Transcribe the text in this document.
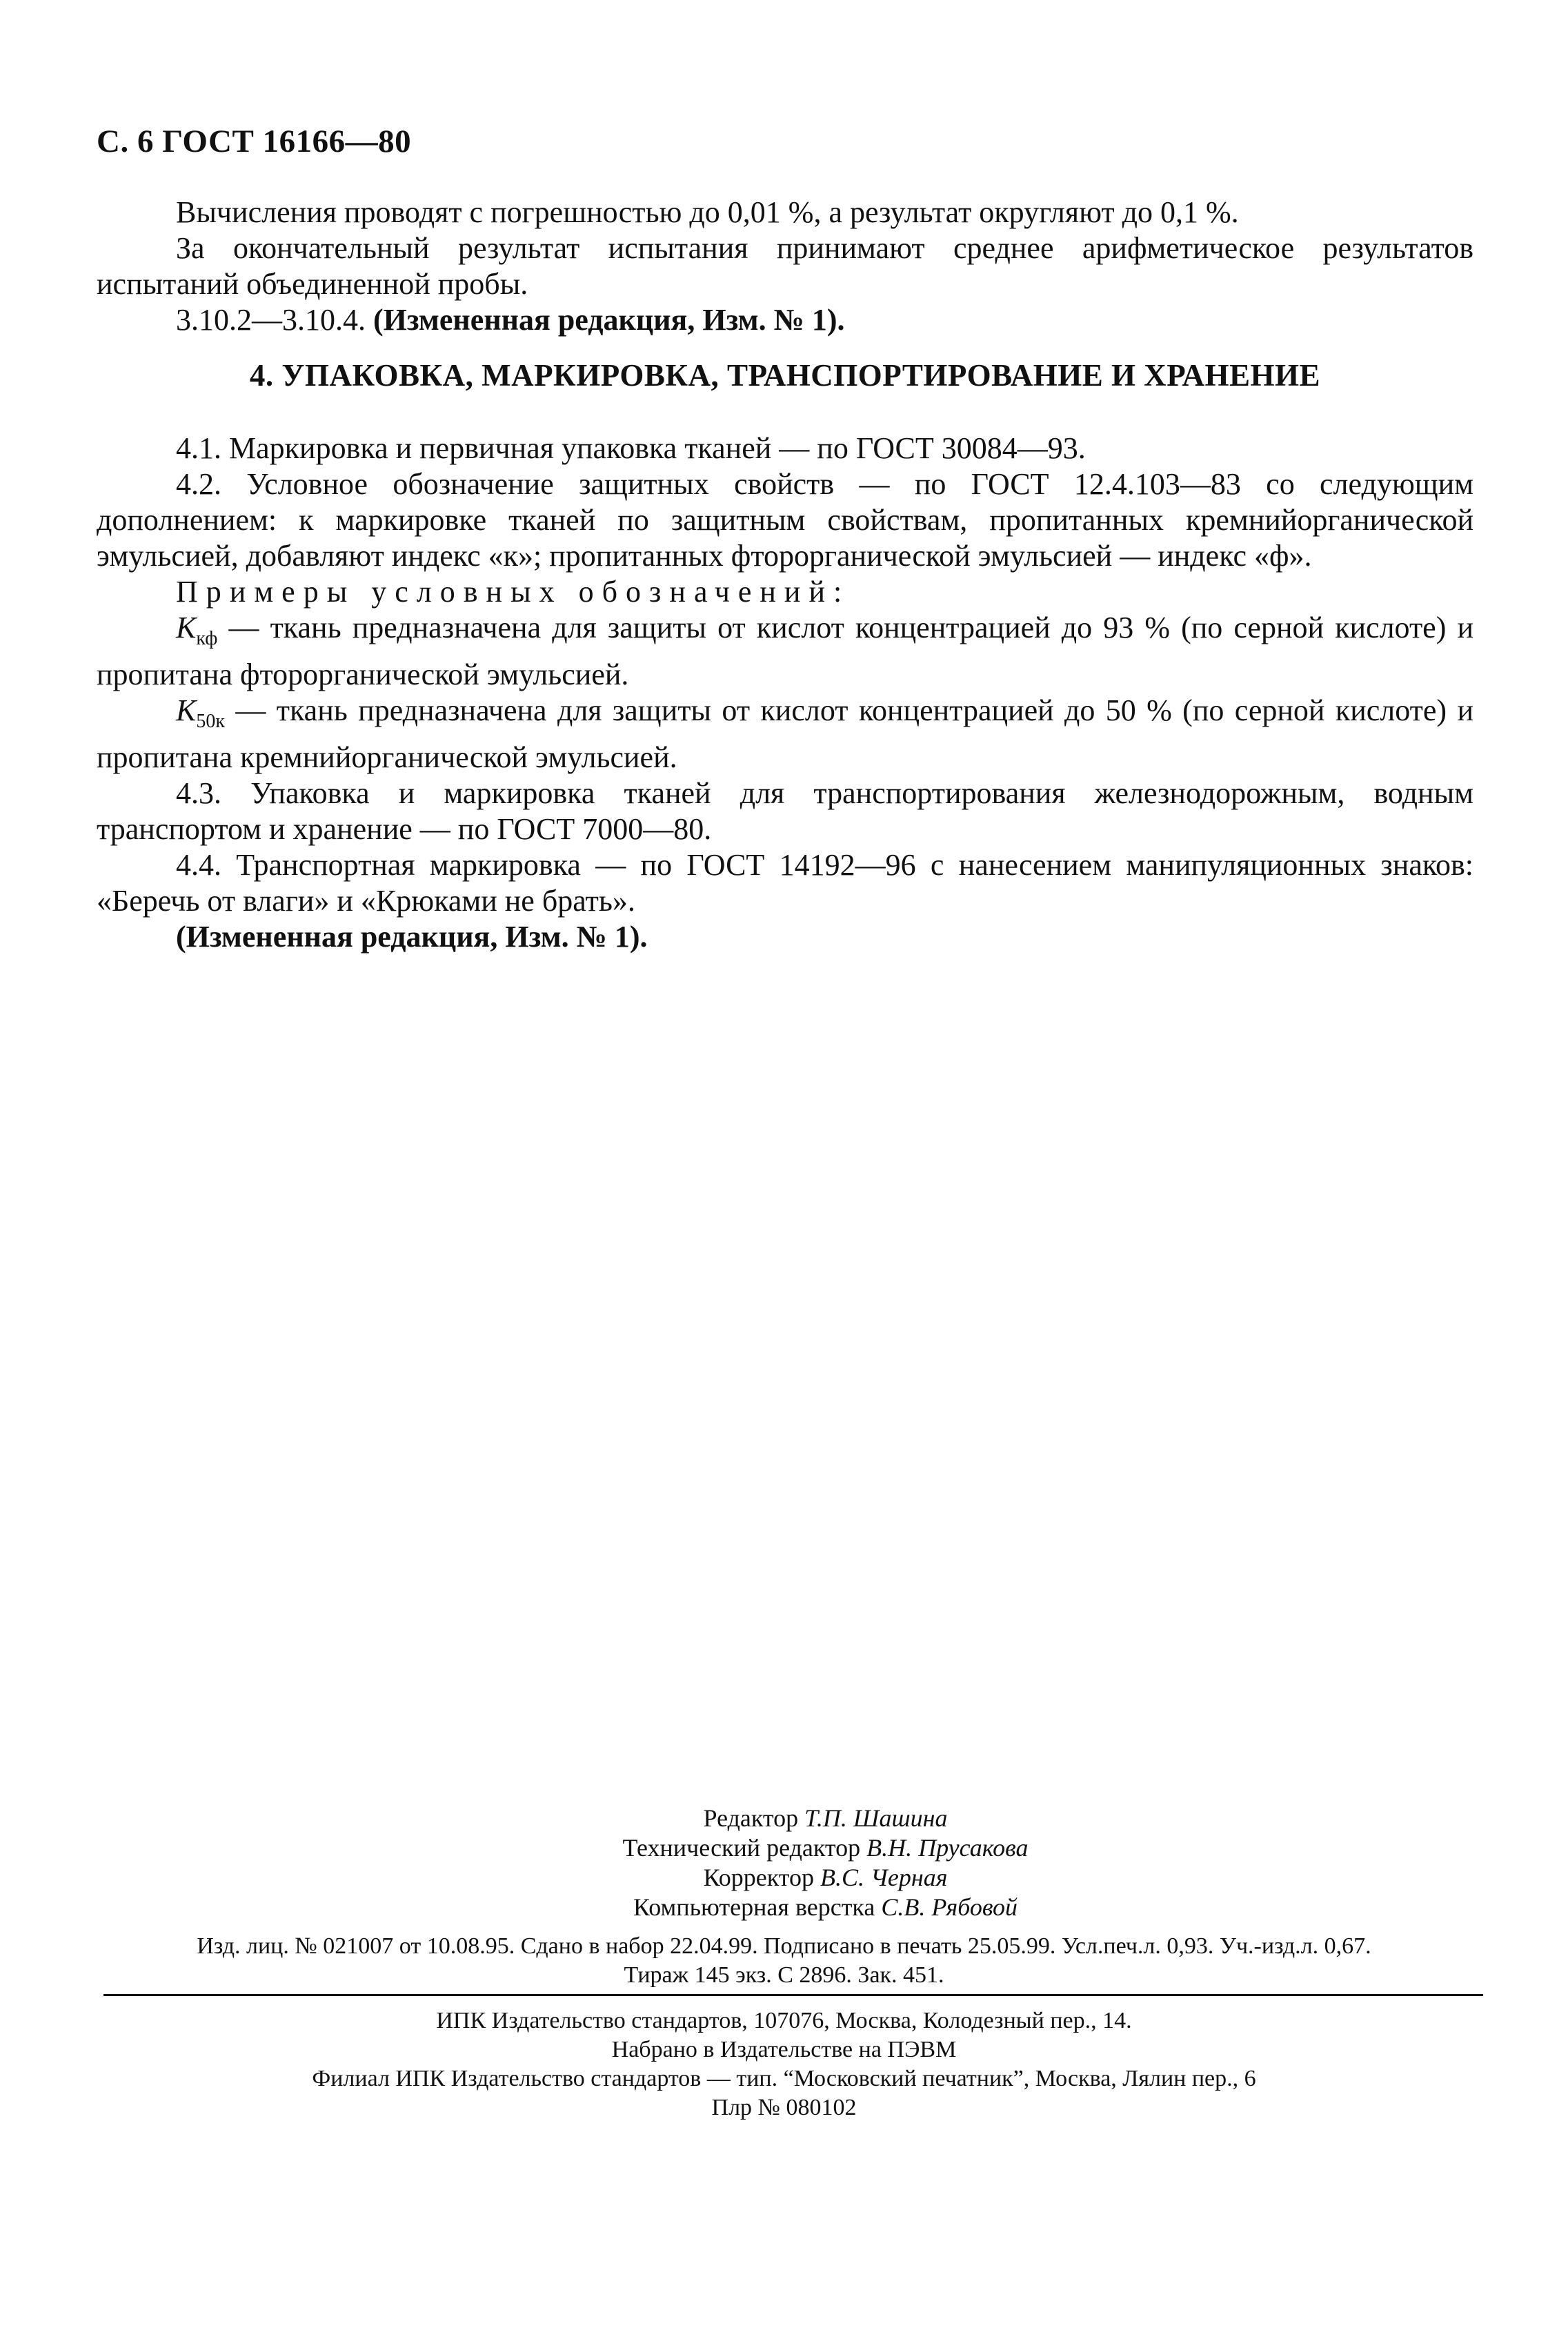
С. 6 ГОСТ 16166—80

Вычисления проводят с погрешностью до 0,01 %, а результат округляют до 0,1 %.

За окончательный результат испытания принимают среднее арифметическое результатов испытаний объединенной пробы.

3.10.2—3.10.4. (Измененная редакция, Изм. № 1).

4. УПАКОВКА, МАРКИРОВКА, ТРАНСПОРТИРОВАНИЕ И ХРАНЕНИЕ

4.1. Маркировка и первичная упаковка тканей — по ГОСТ 30084—93.

4.2. Условное обозначение защитных свойств — по ГОСТ 12.4.103—83 со следующим дополнением: к маркировке тканей по защитным свойствам, пропитанных кремнийорганической эмульсией, добавляют индекс «к»; пропитанных фторорганической эмульсией — индекс «ф».

Примеры условных обозначений:

$K_{кф}$ — ткань предназначена для защиты от кислот концентрацией до 93 % (по серной кислоте) и пропитана фторорганической эмульсией.

$K_{50к}$ — ткань предназначена для защиты от кислот концентрацией до 50 % (по серной кислоте) и пропитана кремнийорганической эмульсией.

4.3. Упаковка и маркировка тканей для транспортирования железнодорожным, водным транспортом и хранение — по ГОСТ 7000—80.

4.4. Транспортная маркировка — по ГОСТ 14192—96 с нанесением манипуляционных знаков: «Беречь от влаги» и «Крюками не брать».

(Измененная редакция, Изм. № 1).

Редактор Т.П. Шашина
Технический редактор В.Н. Прусакова
Корректор В.С. Черная
Компьютерная верстка С.В. Рябовой
Изд. лиц. № 021007 от 10.08.95. Сдано в набор 22.04.99. Подписано в печать 25.05.99. Усл.печ.л. 0,93. Уч.-изд.л. 0,67.
Тираж 145 экз. С 2896. Зак. 451.
ИПК Издательство стандартов, 107076, Москва, Колодезный пер., 14.
Набрано в Издательстве на ПЭВМ
Филиал ИПК Издательство стандартов — тип. “Московский печатник”, Москва, Лялин пер., 6
Плр № 080102
